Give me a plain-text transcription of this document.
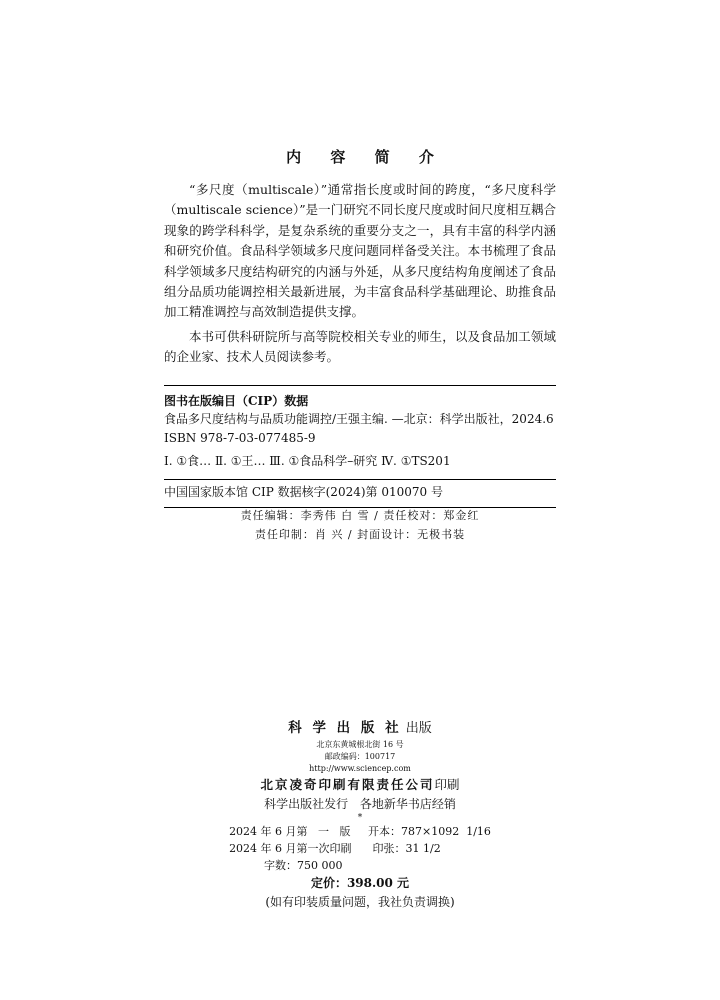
内 容 简 介

“多尺度（multiscale）”通常指长度或时间的跨度，“多尺度科学（multiscale science）”是一门研究不同长度尺度或时间尺度相互耦合现象的跨学科科学，是复杂系统的重要分支之一，具有丰富的科学内涵和研究价值。食品科学领域多尺度问题同样备受关注。本书梳理了食品科学领域多尺度结构研究的内涵与外延，从多尺度结构角度阐述了食品组分品质功能调控相关最新进展，为丰富食品科学基础理论、助推食品加工精准调控与高效制造提供支撑。

本书可供科研院所与高等院校相关专业的师生，以及食品加工领域的企业家、技术人员阅读参考。

图书在版编目（CIP）数据
食品多尺度结构与品质功能调控/王强主编. —北京：科学出版社，2024.6
ISBN 978-7-03-077485-9
Ⅰ. ①食… Ⅱ. ①王… Ⅲ. ①食品科学–研究 Ⅳ. ①TS201
中国国家版本馆 CIP 数据核字(2024)第 010070 号
责任编辑：李秀伟 白 雪 / 责任校对：郑金红
责任印制：肖 兴 / 封面设计：无极书装
科 学 出 版 社 出版
北京东黄城根北街 16 号
邮政编码：100717
http://www.sciencep.com
北京凌奇印刷有限责任公司印刷
科学出版社发行 各地新华书店经销
*
2024 年 6 月第   一   版     开本：787×1092  1/16
2024 年 6 月第一次印刷      印张：31 1/2
字数：750 000
定价：398.00 元
(如有印装质量问题，我社负责调换)
